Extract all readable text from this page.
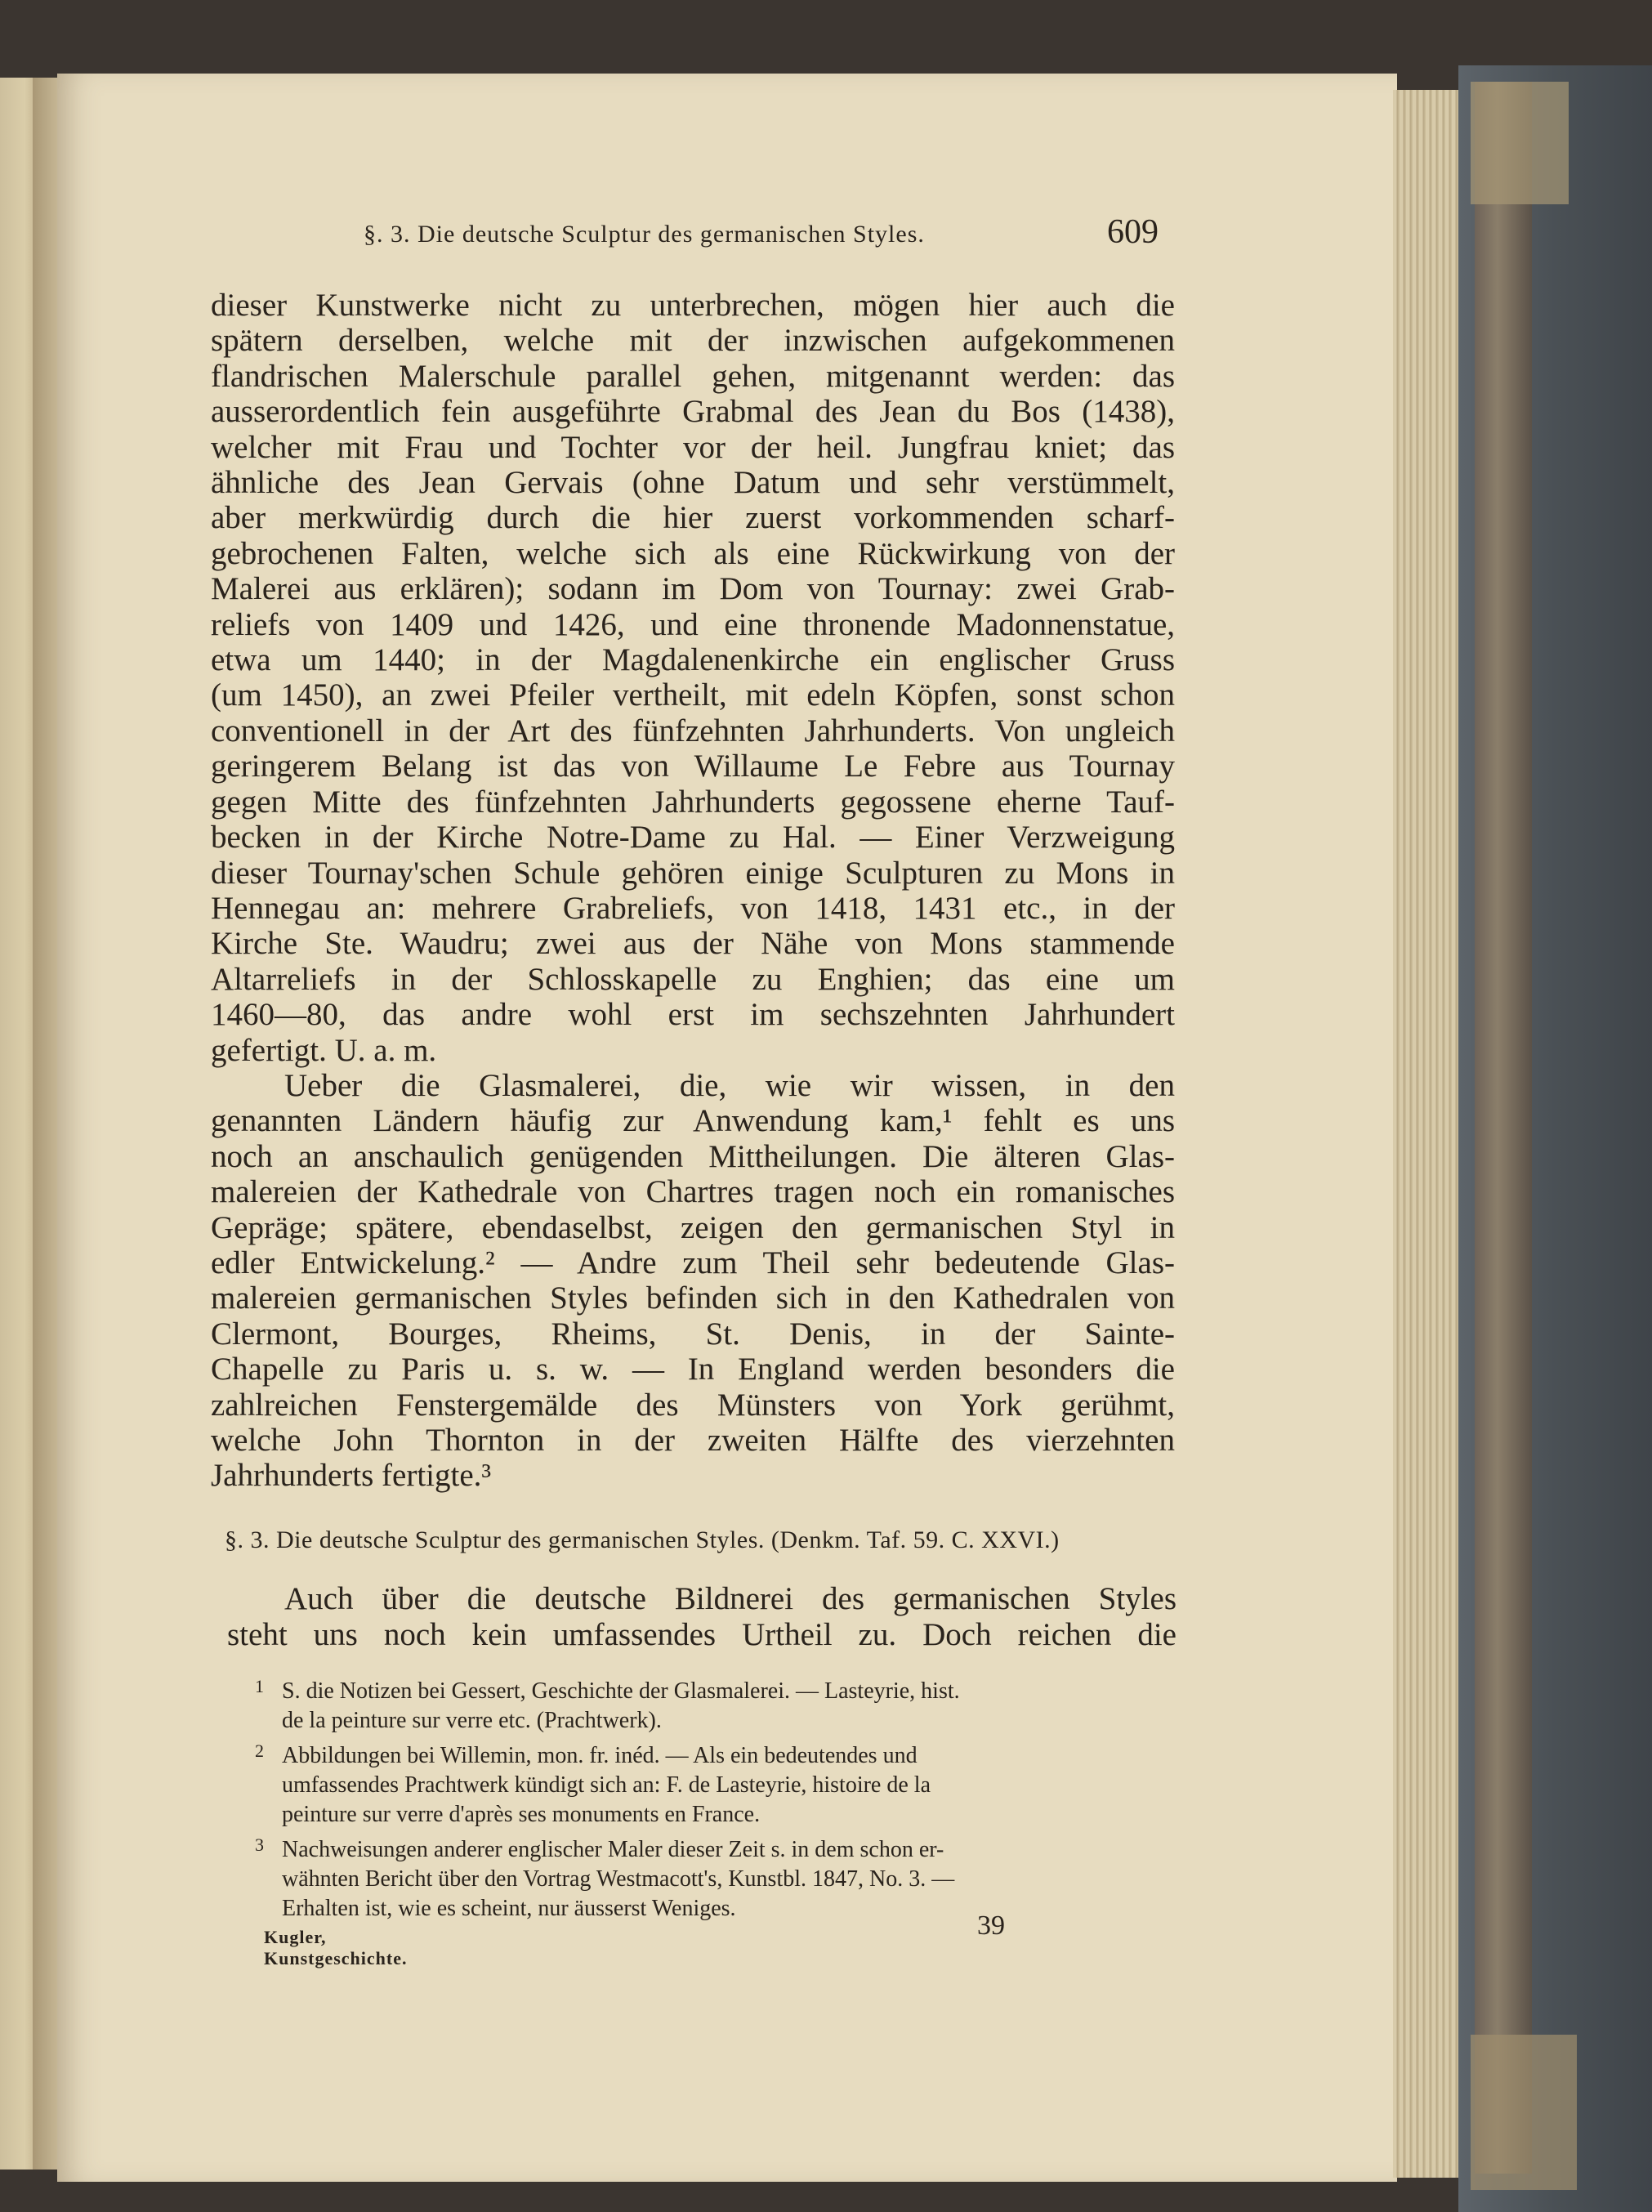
§. 3. Die deutsche Sculptur des germanischen Styles.	609
dieser Kunstwerke nicht zu unterbrechen, mögen hier auch die
spätern derselben, welche mit der inzwischen aufgekommenen
flandrischen Malerschule parallel gehen, mitgenannt werden: das
ausserordentlich fein ausgeführte Grabmal des Jean du Bos (1438),
welcher mit Frau und Tochter vor der heil. Jungfrau kniet; das
ähnliche des Jean Gervais (ohne Datum und sehr verstümmelt,
aber merkwürdig durch die hier zuerst vorkommenden scharf-
gebrochenen Falten, welche sich als eine Rückwirkung von der
Malerei aus erklären); sodann im Dom von Tournay: zwei Grab-
reliefs von 1409 und 1426, und eine thronende Madonnenstatue,
etwa um 1440; in der Magdalenenkirche ein englischer Gruss
(um 1450), an zwei Pfeiler vertheilt, mit edeln Köpfen, sonst schon
conventionell in der Art des fünfzehnten Jahrhunderts. Von ungleich
geringerem Belang ist das von Willaume Le Febre aus Tournay
gegen Mitte des fünfzehnten Jahrhunderts gegossene eherne Tauf-
becken in der Kirche Notre-Dame zu Hal. — Einer Verzweigung
dieser Tournay'schen Schule gehören einige Sculpturen zu Mons in
Hennegau an: mehrere Grabreliefs, von 1418, 1431 etc., in der
Kirche Ste. Waudru; zwei aus der Nähe von Mons stammende
Altarreliefs in der Schlosskapelle zu Enghien; das eine um
1460—80, das andre wohl erst im sechszehnten Jahrhundert
gefertigt. U. a. m.
Ueber die Glasmalerei, die, wie wir wissen, in den
genannten Ländern häufig zur Anwendung kam,¹ fehlt es uns
noch an anschaulich genügenden Mittheilungen. Die älteren Glas-
malereien der Kathedrale von Chartres tragen noch ein romanisches
Gepräge; spätere, ebendaselbst, zeigen den germanischen Styl in
edler Entwickelung.² — Andre zum Theil sehr bedeutende Glas-
malereien germanischen Styles befinden sich in den Kathedralen von
Clermont, Bourges, Rheims, St. Denis, in der Sainte-
Chapelle zu Paris u. s. w. — In England werden besonders die
zahlreichen Fenstergemälde des Münsters von York gerühmt,
welche John Thornton in der zweiten Hälfte des vierzehnten
Jahrhunderts fertigte.³
§. 3. Die deutsche Sculptur des germanischen Styles. (Denkm. Taf. 59. C. XXVI.)
Auch über die deutsche Bildnerei des germanischen Styles
steht uns noch kein umfassendes Urtheil zu. Doch reichen die
1 S. die Notizen bei Gessert, Geschichte der Glasmalerei. — Lasteyrie, hist.
de la peinture sur verre etc. (Prachtwerk).
2 Abbildungen bei Willemin, mon. fr. inéd. — Als ein bedeutendes und
umfassendes Prachtwerk kündigt sich an: F. de Lasteyrie, histoire de la
peinture sur verre d'après ses monuments en France.
3 Nachweisungen anderer englischer Maler dieser Zeit s. in dem schon er-
wähnten Bericht über den Vortrag Westmacott's, Kunstbl. 1847, No. 3. —
Erhalten ist, wie es scheint, nur äusserst Weniges.
Kugler, Kunstgeschichte.
39
